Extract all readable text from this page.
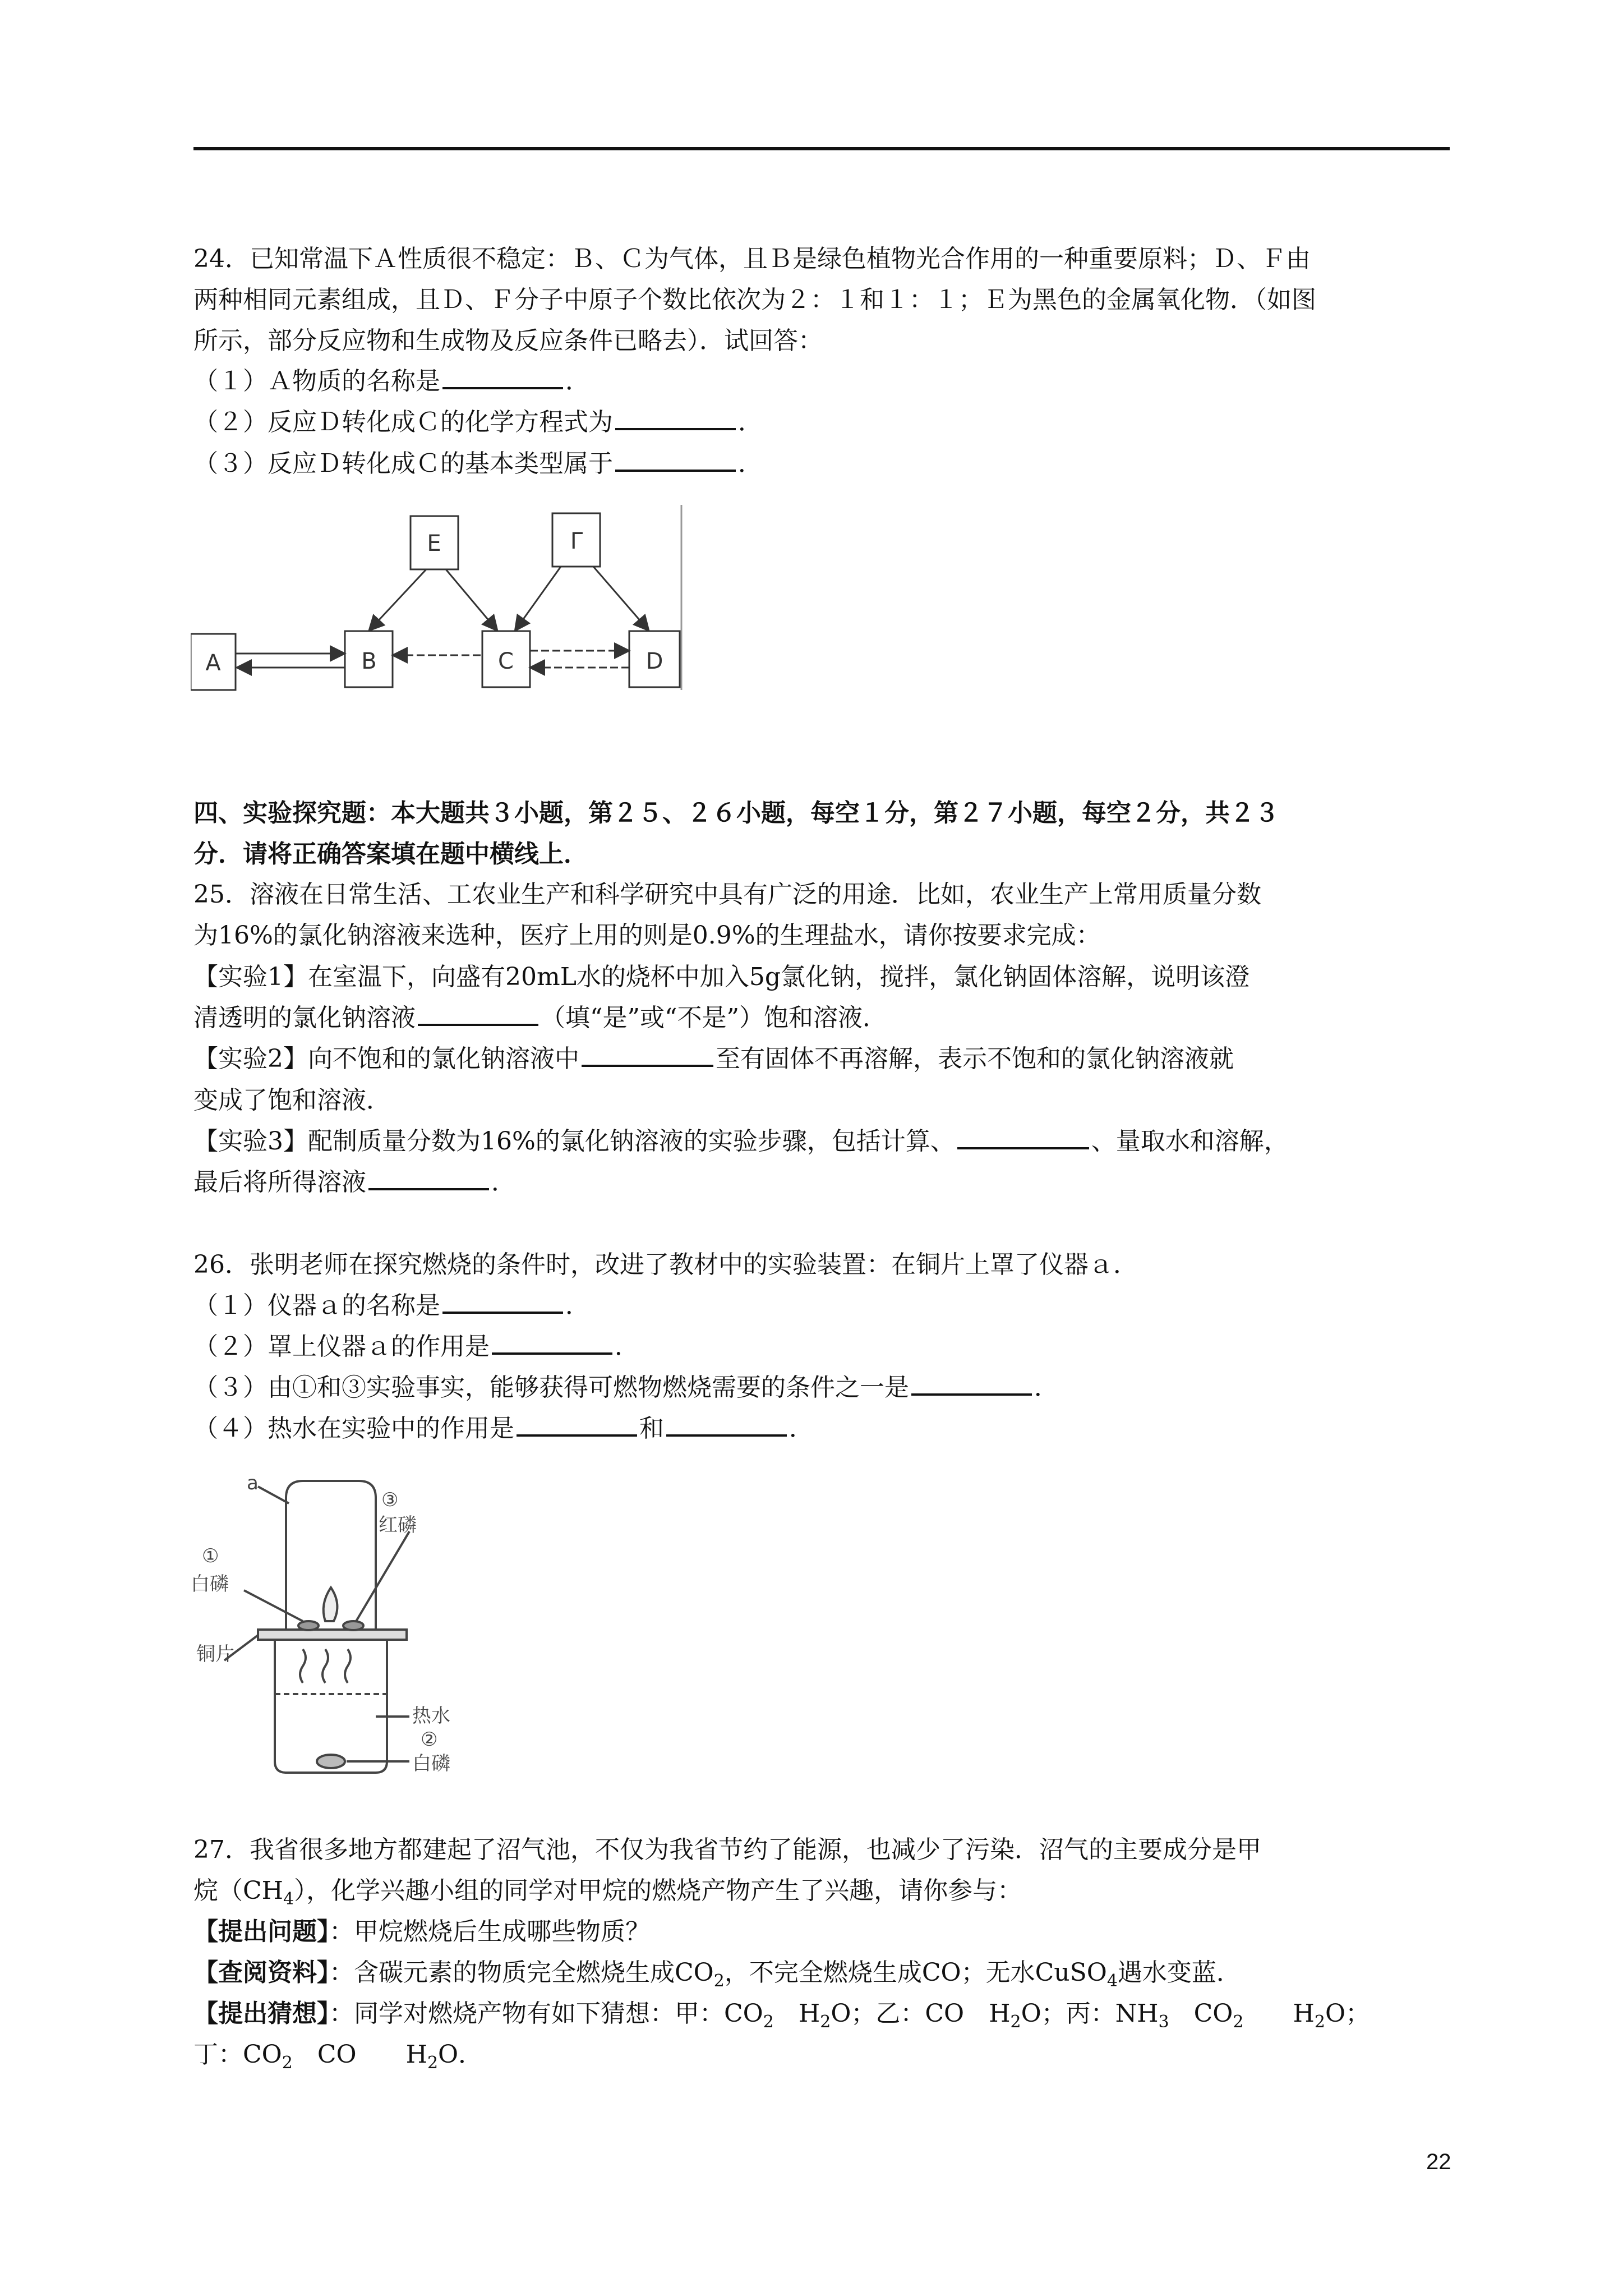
24．已知常温下Ａ性质很不稳定：Ｂ、Ｃ为气体，且Ｂ是绿色植物光合作用的一种重要原料；Ｄ、Ｆ由
两种相同元素组成，且Ｄ、Ｆ分子中原子个数比依次为２：１和１：１；Ｅ为黑色的金属氧化物．（如图
所示，部分反应物和生成物及反应条件已略去）．试回答：
（１）Ａ物质的名称是	．
（２）反应Ｄ转化成Ｃ的化学方程式为	．
（３）反应Ｄ转化成Ｃ的基本类型属于	．
A	B	C	D
E	Γ
四、实验探究题：本大题共３小题，第２５、２６小题，每空１分，第２７小题，每空２分，共２３
分．请将正确答案填在题中横线上．
25．溶液在日常生活、工农业生产和科学研究中具有广泛的用途．比如，农业生产上常用质量分数
为16%的氯化钠溶液来选种，医疗上用的则是0.9%的生理盐水，请你按要求完成：
【实验1】在室温下，向盛有20mL水的烧杯中加入5g氯化钠，搅拌，氯化钠固体溶解，说明该澄
清透明的氯化钠溶液	（填“是”或“不是”）饱和溶液．
【实验2】向不饱和的氯化钠溶液中	至有固体不再溶解，表示不饱和的氯化钠溶液就
变成了饱和溶液．
【实验3】配制质量分数为16%的氯化钠溶液的实验步骤，包括计算、	、量取水和溶解，
最后将所得溶液	．
26．张明老师在探究燃烧的条件时，改进了教材中的实验装置：在铜片上罩了仪器ａ．
（１）仪器ａ的名称是	．
（２）罩上仪器ａ的作用是	．
（３）由①和③实验事实，能够获得可燃物燃烧需要的条件之一是	．
（４）热水在实验中的作用是	和	．
a
①
白磷
③
红磷
铜片
热水
②
白磷
27．我省很多地方都建起了沼气池，不仅为我省节约了能源，也减少了污染．沼气的主要成分是甲
烷$(CH_4)$，化学兴趣小组的同学对甲烷的燃烧产物产生了兴趣，请你参与：
【提出问题】：甲烷燃烧后生成哪些物质？
【查阅资料】：含碳元素的物质完全燃烧生成$CO_2$，不完全燃烧生成CO；无水CuSO$_4$遇水变蓝．
【提出猜想】：同学对燃烧产物有如下猜想：甲：$CO_2$　$H_2O$；乙：CO　$H_2O$；丙：$NH_3$　$CO_2$　　$H_2O$；
丁：$CO_2$　CO　　$H_2O$．
22
